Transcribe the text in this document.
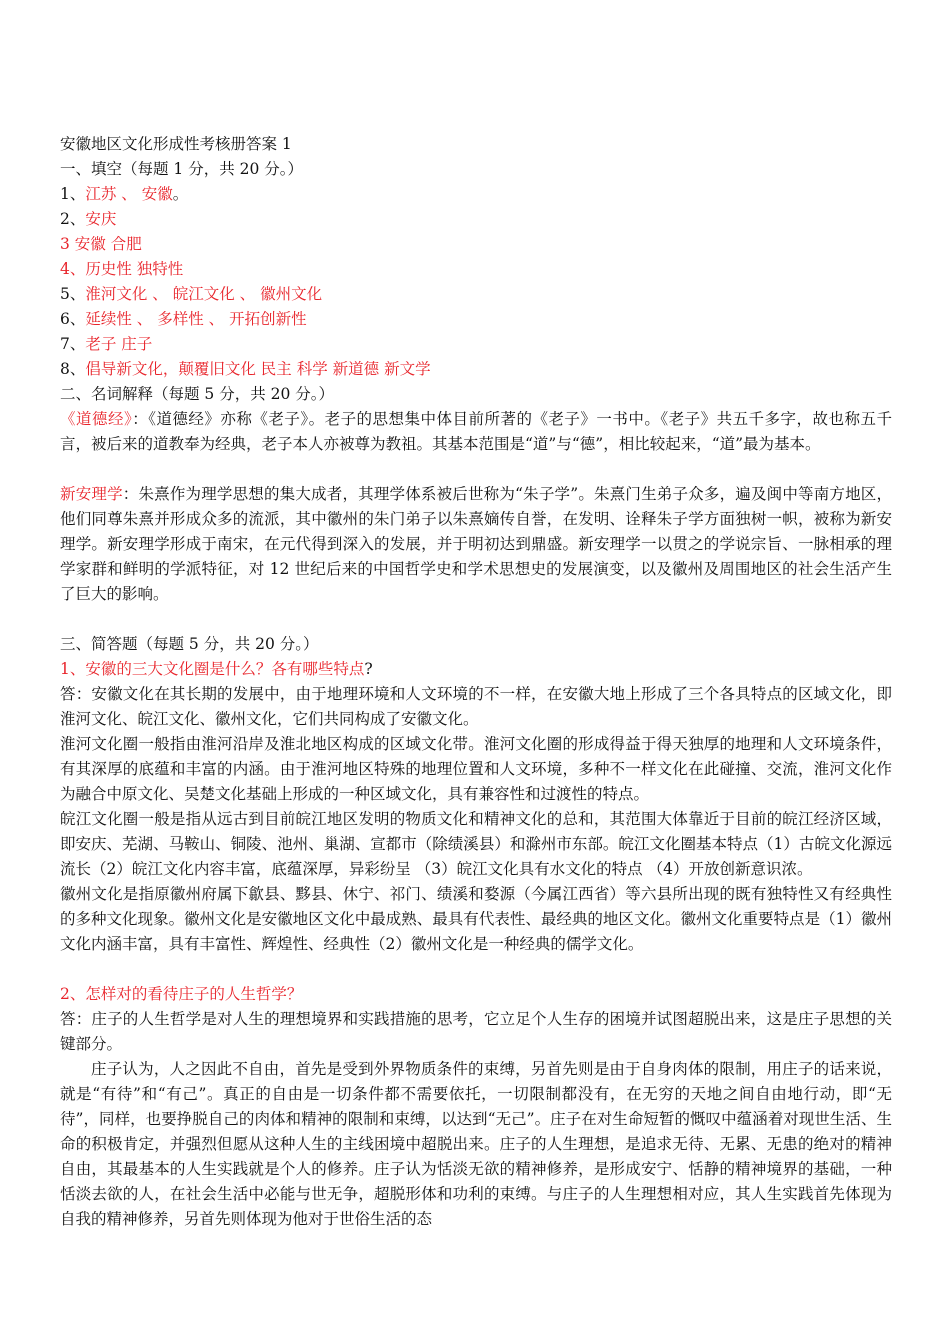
安徽地区文化形成性考核册答案 1
一、填空（每题 1 分，共 20 分。）
1、江苏 、 安徽。
2、安庆
3 安徽 合肥
4、历史性 独特性
5、淮河文化 、 皖江文化 、 徽州文化
6、延续性 、 多样性 、 开拓创新性
7、老子 庄子
8、倡导新文化，颠覆旧文化 民主 科学 新道德 新文学
二、名词解释（每题 5 分，共 20 分。）
《道德经》：《道德经》亦称《老子》。老子的思想集中体目前所著的《老子》一书中。《老子》共五千多字，故也称五千言，被后来的道教奉为经典，老子本人亦被尊为教祖。其基本范围是“道”与“德”，相比较起来，“道”最为基本。
新安理学：朱熹作为理学思想的集大成者，其理学体系被后世称为“朱子学”。朱熹门生弟子众多，遍及闽中等南方地区，他们同尊朱熹并形成众多的流派，其中徽州的朱门弟子以朱熹嫡传自誉，在发明、诠释朱子学方面独树一帜，被称为新安理学。新安理学形成于南宋，在元代得到深入的发展，并于明初达到鼎盛。新安理学一以贯之的学说宗旨、一脉相承的理学家群和鲜明的学派特征，对 12 世纪后来的中国哲学史和学术思想史的发展演变，以及徽州及周围地区的社会生活产生了巨大的影响。
三、简答题（每题 5 分，共 20 分。）
1、安徽的三大文化圈是什么？各有哪些特点?
答：安徽文化在其长期的发展中，由于地理环境和人文环境的不一样，在安徽大地上形成了三个各具特点的区域文化，即淮河文化、皖江文化、徽州文化，它们共同构成了安徽文化。
淮河文化圈一般指由淮河沿岸及淮北地区构成的区域文化带。淮河文化圈的形成得益于得天独厚的地理和人文环境条件，有其深厚的底蕴和丰富的内涵。由于淮河地区特殊的地理位置和人文环境，多种不一样文化在此碰撞、交流，淮河文化作为融合中原文化、吴楚文化基础上形成的一种区域文化，具有兼容性和过渡性的特点。
皖江文化圈一般是指从远古到目前皖江地区发明的物质文化和精神文化的总和，其范围大体靠近于目前的皖江经济区域，即安庆、芜湖、马鞍山、铜陵、池州、巢湖、宣都市（除绩溪县）和滁州市东部。皖江文化圈基本特点（1）古皖文化源远流长（2）皖江文化内容丰富，底蕴深厚，异彩纷呈 （3）皖江文化具有水文化的特点 （4）开放创新意识浓。
徽州文化是指原徽州府属下歙县、黟县、休宁、祁门、绩溪和婺源（今属江西省）等六县所出现的既有独特性又有经典性的多种文化现象。徽州文化是安徽地区文化中最成熟、最具有代表性、最经典的地区文化。徽州文化重要特点是（1）徽州文化内涵丰富，具有丰富性、辉煌性、经典性（2）徽州文化是一种经典的儒学文化。
2、怎样对的看待庄子的人生哲学？
答：庄子的人生哲学是对人生的理想境界和实践措施的思考，它立足个人生存的困境并试图超脱出来，这是庄子思想的关键部分。
庄子认为，人之因此不自由，首先是受到外界物质条件的束缚，另首先则是由于自身肉体的限制，用庄子的话来说，就是“有待”和“有己”。真正的自由是一切条件都不需要依托，一切限制都没有，在无穷的天地之间自由地行动，即“无待”，同样，也要挣脱自己的肉体和精神的限制和束缚，以达到“无己”。庄子在对生命短暂的慨叹中蕴涵着对现世生活、生命的积极肯定，并强烈但愿从这种人生的主线困境中超脱出来。庄子的人生理想，是追求无待、无累、无患的绝对的精神自由，其最基本的人生实践就是个人的修养。庄子认为恬淡无欲的精神修养，是形成安宁、恬静的精神境界的基础，一种恬淡去欲的人，在社会生活中必能与世无争，超脱形体和功利的束缚。与庄子的人生理想相对应，其人生实践首先体现为自我的精神修养，另首先则体现为他对于世俗生活的态
